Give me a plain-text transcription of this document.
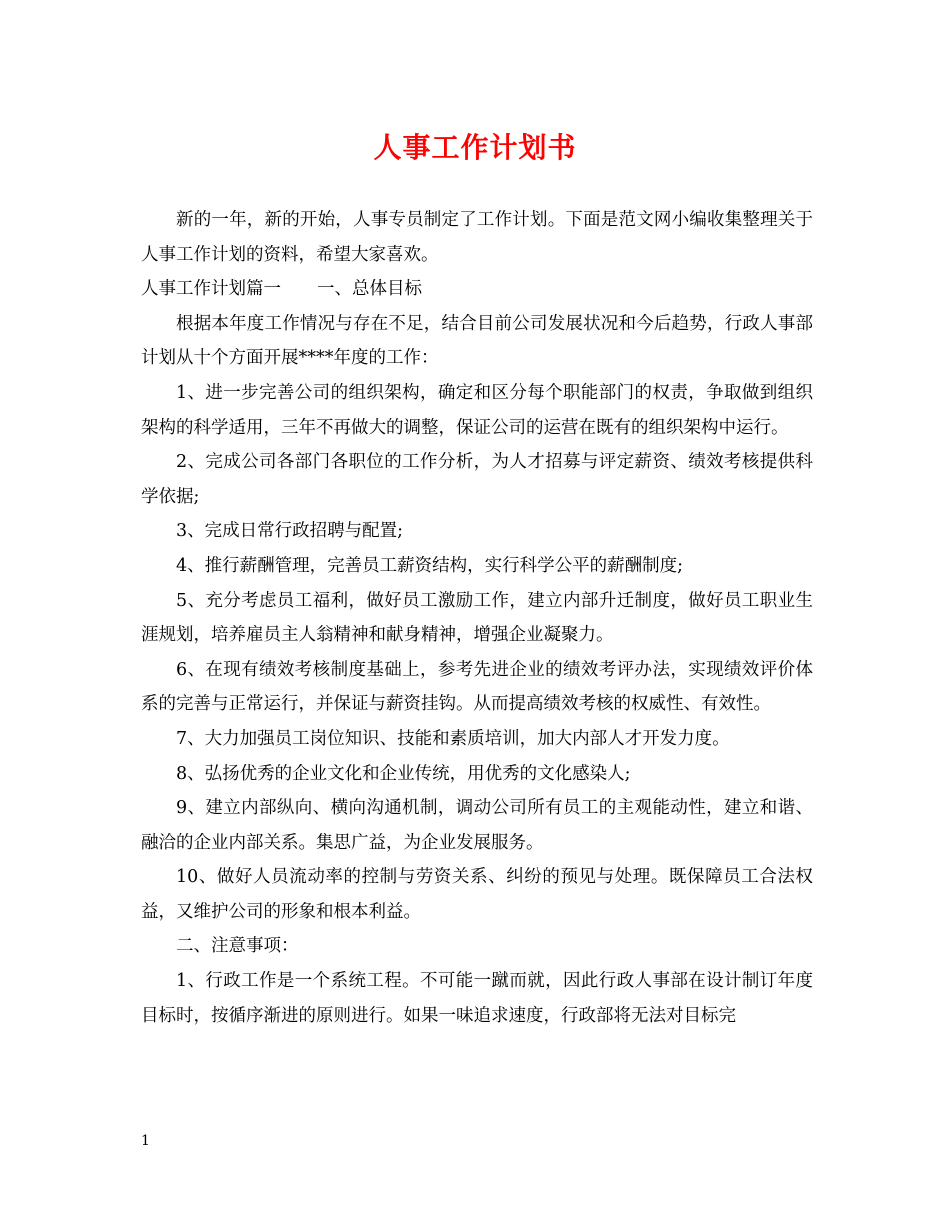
人事工作计划书

新的一年，新的开始，人事专员制定了工作计划。下面是范文网小编收集整理关于人事工作计划的资料，希望大家喜欢。

人事工作计划篇一 一、总体目标

根据本年度工作情况与存在不足，结合目前公司发展状况和今后趋势，行政人事部计划从十个方面开展****年度的工作：

1、进一步完善公司的组织架构，确定和区分每个职能部门的权责，争取做到组织架构的科学适用，三年不再做大的调整，保证公司的运营在既有的组织架构中运行。

2、完成公司各部门各职位的工作分析，为人才招募与评定薪资、绩效考核提供科学依据;

3、完成日常行政招聘与配置;

4、推行薪酬管理，完善员工薪资结构，实行科学公平的薪酬制度;

5、充分考虑员工福利，做好员工激励工作，建立内部升迁制度，做好员工职业生涯规划，培养雇员主人翁精神和献身精神，增强企业凝聚力。

6、在现有绩效考核制度基础上，参考先进企业的绩效考评办法，实现绩效评价体系的完善与正常运行，并保证与薪资挂钩。从而提高绩效考核的权威性、有效性。

7、大力加强员工岗位知识、技能和素质培训，加大内部人才开发力度。

8、弘扬优秀的企业文化和企业传统，用优秀的文化感染人;

9、建立内部纵向、横向沟通机制，调动公司所有员工的主观能动性，建立和谐、融洽的企业内部关系。集思广益，为企业发展服务。

10、做好人员流动率的控制与劳资关系、纠纷的预见与处理。既保障员工合法权益，又维护公司的形象和根本利益。

二、注意事项：

1、行政工作是一个系统工程。不可能一蹴而就，因此行政人事部在设计制订年度目标时，按循序渐进的原则进行。如果一味追求速度，行政部将无法对目标完

1
